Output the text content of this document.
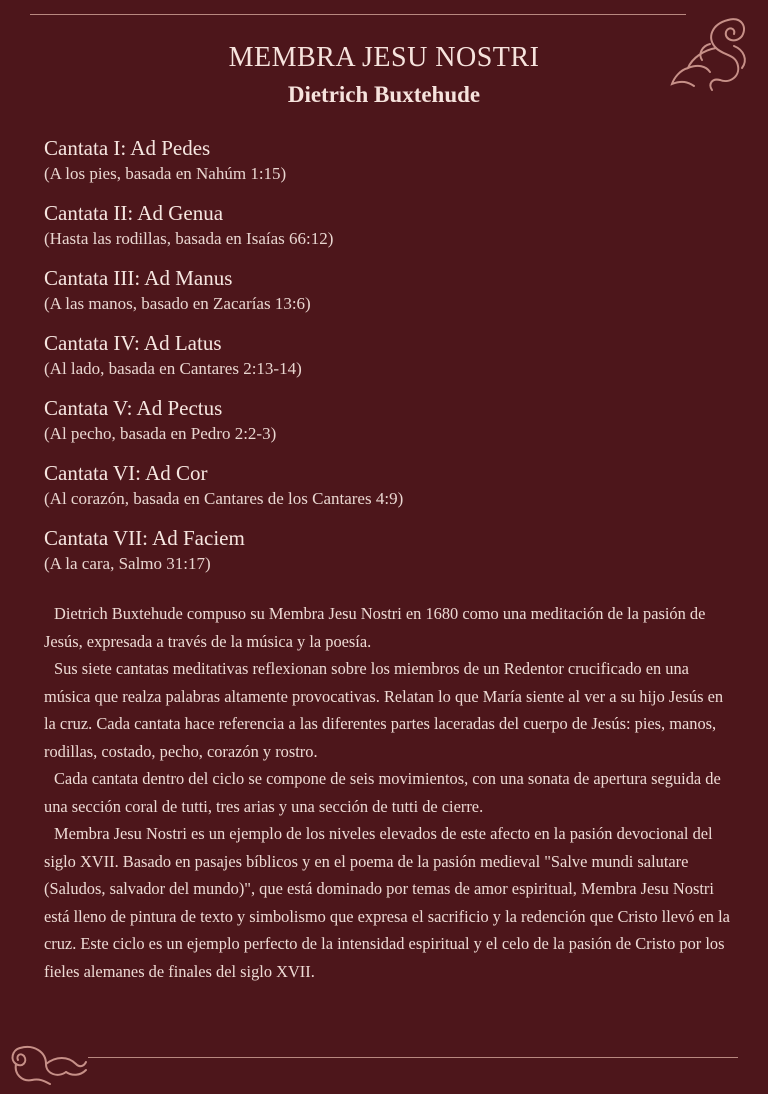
MEMBRA JESU NOSTRI
Dietrich Buxtehude
Cantata I: Ad Pedes
(A los pies, basada en Nahúm 1:15)
Cantata II: Ad Genua
(Hasta las rodillas, basada en Isaías 66:12)
Cantata III: Ad Manus
(A las manos, basado en Zacarías 13:6)
Cantata IV: Ad Latus
(Al lado, basada en Cantares 2:13-14)
Cantata V: Ad Pectus
(Al pecho, basada en Pedro 2:2-3)
Cantata VI: Ad Cor
(Al corazón, basada en Cantares de los Cantares 4:9)
Cantata VII: Ad Faciem
(A la cara, Salmo 31:17)
Dietrich Buxtehude compuso su Membra Jesu Nostri en 1680 como una meditación de la pasión de Jesús, expresada a través de la música y la poesía.
Sus siete cantatas meditativas reflexionan sobre los miembros de un Redentor crucificado en una música que realza palabras altamente provocativas. Relatan lo que María siente al ver a su hijo Jesús en la cruz. Cada cantata hace referencia a las diferentes partes laceradas del cuerpo de Jesús: pies, manos, rodillas, costado, pecho, corazón y rostro.
Cada cantata dentro del ciclo se compone de seis movimientos, con una sonata de apertura seguida de una sección coral de tutti, tres arias y una sección de tutti de cierre.
Membra Jesu Nostri es un ejemplo de los niveles elevados de este afecto en la pasión devocional del siglo XVII. Basado en pasajes bíblicos y en el poema de la pasión medieval "Salve mundi salutare (Saludos, salvador del mundo)", que está dominado por temas de amor espiritual, Membra Jesu Nostri está lleno de pintura de texto y simbolismo que expresa el sacrificio y la redención que Cristo llevó en la cruz. Este ciclo es un ejemplo perfecto de la intensidad espiritual y el celo de la pasión de Cristo por los fieles alemanes de finales del siglo XVII.
